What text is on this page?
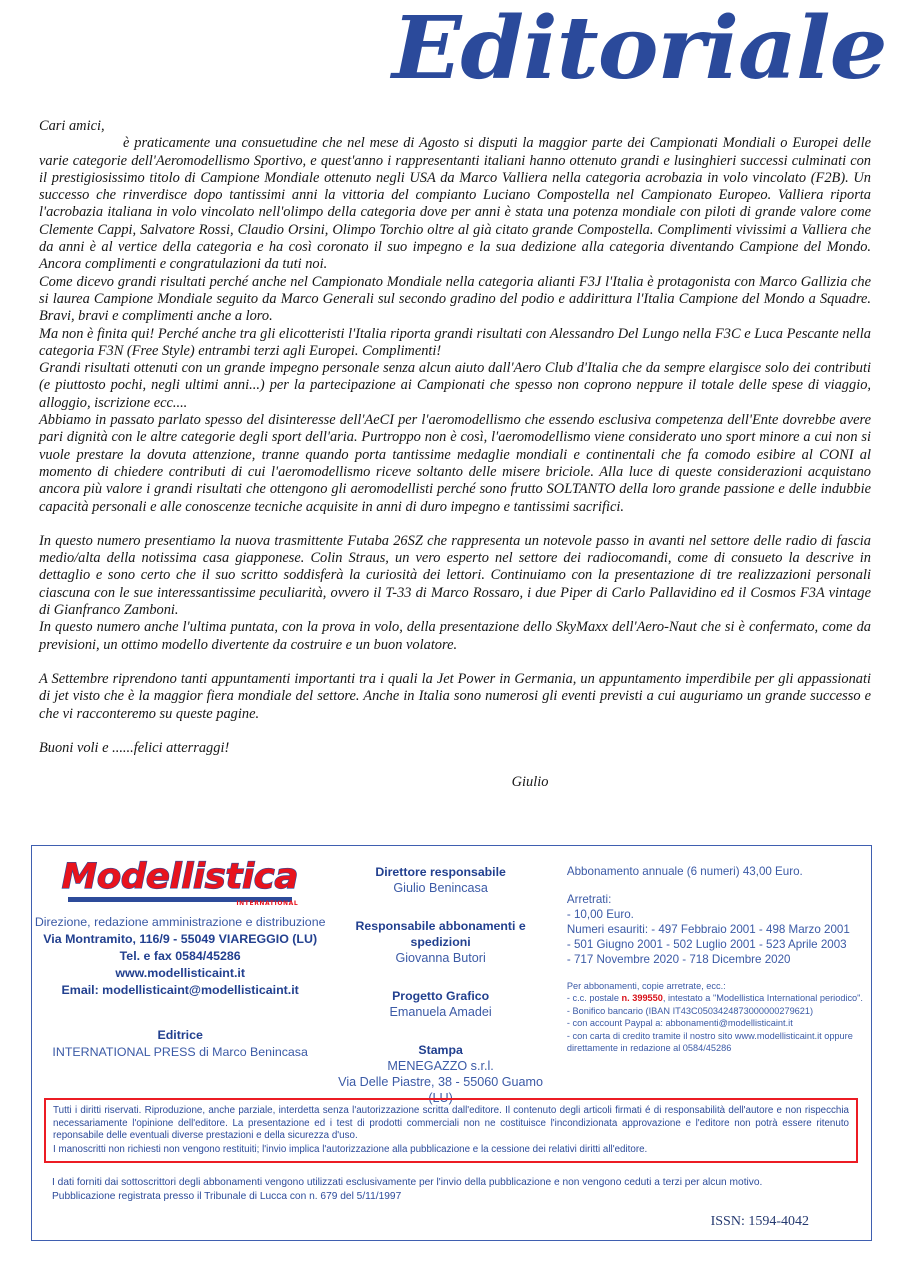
Editoriale

Cari amici,

è praticamente una consuetudine che nel mese di Agosto si disputi la maggior parte dei Campionati Mondiali o Europei delle varie categorie dell'Aeromodellismo Sportivo, e quest'anno i rappresentanti italiani hanno ottenuto grandi e lusinghieri successi culminati con il prestigiosissimo titolo di Campione Mondiale ottenuto negli USA da Marco Valliera nella categoria acrobazia in volo vincolato (F2B). Un successo che rinverdisce dopo tantissimi anni la vittoria del compianto Luciano Compostella nel Campionato Europeo. Valliera riporta l'acrobazia italiana in volo vincolato nell'olimpo della categoria dove per anni è stata una potenza mondiale con piloti di grande valore come Clemente Cappi, Salvatore Rossi, Claudio Orsini, Olimpo Torchio oltre al già citato grande Compostella. Complimenti vivissimi a Valliera che da anni è al vertice della categoria e ha così coronato il suo impegno e la sua dedizione alla categoria diventando Campione del Mondo. Ancora complimenti e congratulazioni da tuti noi.

Come dicevo grandi risultati perché anche nel Campionato Mondiale nella categoria alianti F3J l'Italia è protagonista con Marco Gallizia che si laurea Campione Mondiale seguito da Marco Generali sul secondo gradino del podio e addirittura l'Italia Campione del Mondo a Squadre. Bravi, bravi e complimenti anche a loro.

Ma non è finita qui! Perché anche tra gli elicotteristi l'Italia riporta grandi risultati con Alessandro Del Lungo nella F3C e Luca Pescante nella categoria F3N (Free Style) entrambi terzi agli Europei. Complimenti!

Grandi risultati ottenuti con un grande impegno personale senza alcun aiuto dall'Aero Club d'Italia che da sempre elargisce solo dei contributi (e piuttosto pochi, negli ultimi anni...) per la partecipazione ai Campionati che spesso non coprono neppure il totale delle spese di viaggio, alloggio, iscrizione ecc....

Abbiamo in passato parlato spesso del disinteresse dell'AeCI per l'aeromodellismo che essendo esclusiva competenza dell'Ente dovrebbe avere pari dignità con le altre categorie degli sport dell'aria. Purtroppo non è così, l'aeromodellismo viene considerato uno sport minore a cui non si vuole prestare la dovuta attenzione, tranne quando porta tantissime medaglie mondiali e continentali che fa comodo esibire al CONI al momento di chiedere contributi di cui l'aeromodellismo riceve soltanto delle misere briciole. Alla luce di queste considerazioni acquistano ancora più valore i grandi risultati che ottengono gli aeromodellisti perché sono frutto SOLTANTO della loro grande passione e delle indubbie capacità personali e alle conoscenze tecniche acquisite in anni di duro impegno e tantissimi sacrifici.

In questo numero presentiamo la nuova trasmittente Futaba 26SZ che rappresenta un notevole passo in avanti nel settore delle radio di fascia medio/alta della notissima casa giapponese. Colin Straus, un vero esperto nel settore dei radiocomandi, come di consueto la descrive in dettaglio e sono certo che il suo scritto soddisferà la curiosità dei lettori. Continuiamo con la presentazione di tre realizzazioni personali ciascuna con le sue interessantissime peculiarità, ovvero il T-33 di Marco Rossaro, i due Piper di Carlo Pallavidino ed il Cosmos F3A vintage di Gianfranco Zamboni.

In questo numero anche l'ultima puntata, con la prova in volo, della presentazione dello SkyMaxx dell'Aero-Naut che si è confermato, come da previsioni, un ottimo modello divertente da costruire e un buon volatore.

A Settembre riprendono tanti appuntamenti importanti tra i quali la Jet Power in Germania, un appuntamento imperdibile per gli appassionati di jet visto che è la maggior fiera mondiale del settore. Anche in Italia sono numerosi gli eventi previsti a cui auguriamo un grande successo e che vi racconteremo su queste pagine.

Buoni voli e ......felici atterraggi!

Giulio

Modellistica
INTERNATIONAL
Direzione, redazione amministrazione e distribuzione
Via Montramito, 116/9 - 55049 VIAREGGIO (LU)
Tel. e fax 0584/45286
www.modellisticaint.it
Email: modellisticaint@modellisticaint.it
Editrice
INTERNATIONAL PRESS di Marco Benincasa
Direttore responsabile
Giulio Benincasa
Responsabile abbonamenti e spedizioni
Giovanna Butori
Progetto Grafico
Emanuela Amadei
Stampa
MENEGAZZO s.r.l.
Via Delle Piastre, 38 - 55060 Guamo (LU)
Abbonamento annuale (6 numeri) 43,00 Euro.
Arretrati:
- 10,00 Euro.
Numeri esauriti: - 497 Febbraio 2001 - 498 Marzo 2001
- 501 Giugno 2001 - 502 Luglio 2001 - 523 Aprile 2003
- 717 Novembre 2020 - 718 Dicembre 2020
Per abbonamenti, copie arretrate, ecc.:
- c.c. postale n. 399550, intestato a "Modellistica International periodico".
- Bonifico bancario (IBAN IT43C0503424873000000279621)
- con account Paypal a: abbonamenti@modellisticaint.it
- con carta di credito tramite il nostro sito www.modellisticaint.it oppure
direttamente in redazione al 0584/45286

Tutti i diritti riservati. Riproduzione, anche parziale, interdetta senza l'autorizzazione scritta dall'editore. Il contenuto degli articoli firmati é di responsabilità dell'autore e non rispecchia necessariamente l'opinione dell'editore. La presentazione ed i test di prodotti commerciali non ne costituisce l'incondizionata approvazione e l'editore non potrà essere ritenuto reponsabile delle eventuali diverse prestazioni e della sicurezza d'uso.

I manoscritti non richiesti non vengono restituiti; l'invio implica l'autorizzazione alla pubblicazione e la cessione dei relativi diritti all'editore.

I dati forniti dai sottoscrittori degli abbonamenti vengono utilizzati esclusivamente per l'invio della pubblicazione e non vengono ceduti a terzi per alcun motivo.

Pubblicazione registrata presso il Tribunale di Lucca con n. 679 del 5/11/1997

ISSN: 1594-4042
